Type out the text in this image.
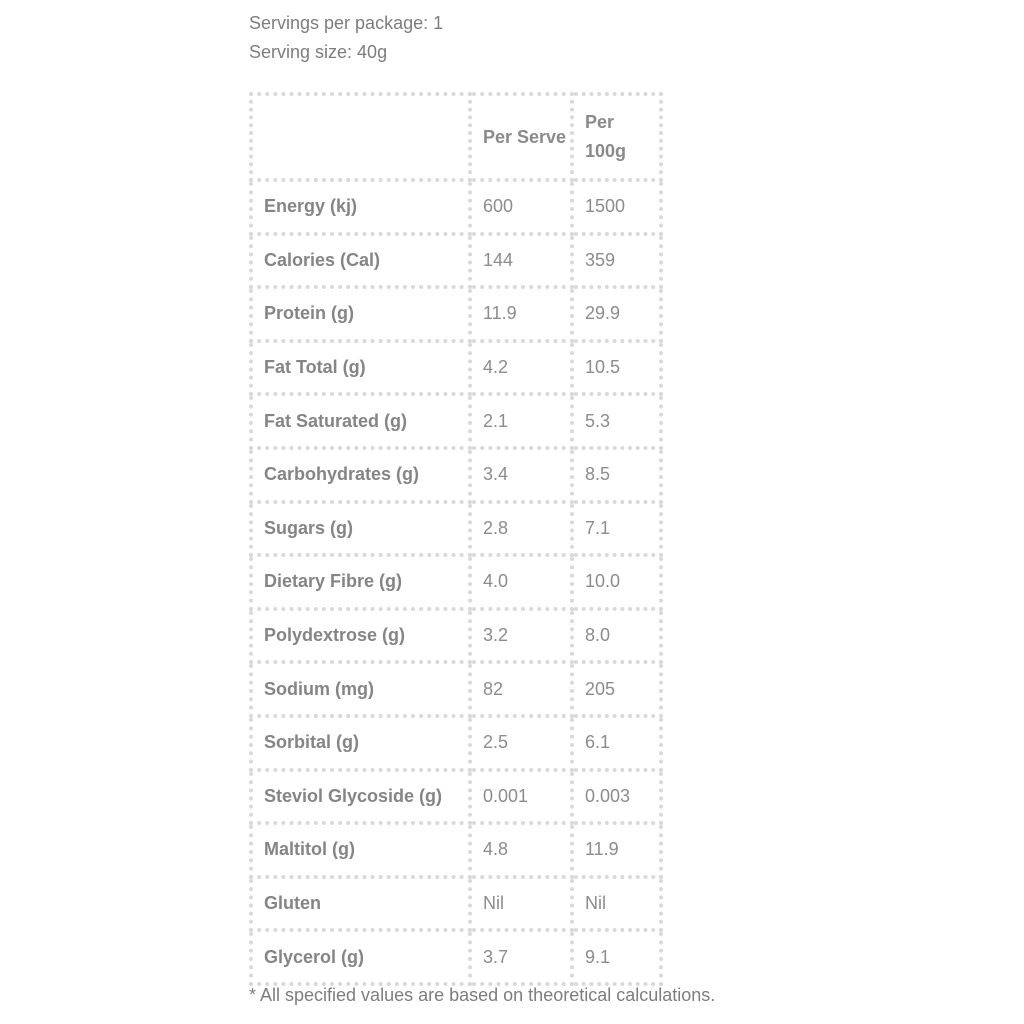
Servings per package: 1
Serving size: 40g
	Per Serve	Per 100g
Energy (kj)	600	1500
Calories (Cal)	144	359
Protein (g)	11.9	29.9
Fat Total (g)	4.2	10.5
Fat Saturated (g)	2.1	5.3
Carbohydrates (g)	3.4	8.5
Sugars (g)	2.8	7.1
Dietary Fibre (g)	4.0	10.0
Polydextrose (g)	3.2	8.0
Sodium (mg)	82	205
Sorbital (g)	2.5	6.1
Steviol Glycoside (g)	0.001	0.003
Maltitol (g)	4.8	11.9
Gluten	Nil	Nil
Glycerol (g)	3.7	9.1
* All specified values are based on theoretical calculations.
